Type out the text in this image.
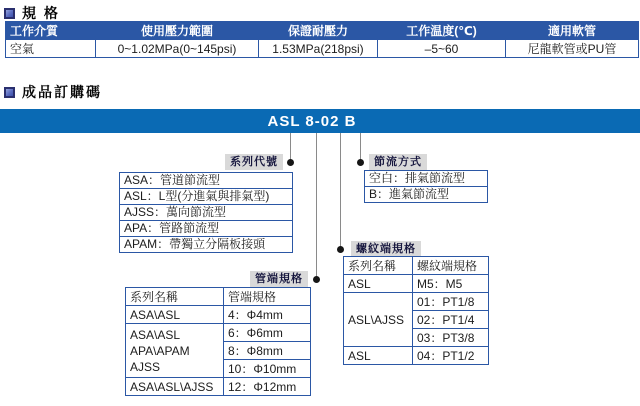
規 格
工作介質	使用壓力範圍	保證耐壓力	工作温度(℃)	適用軟管
空氣	0~1.02MPa(0~145psi)	1.53MPa(218psi)	–5~60	尼龍軟管或PU管
成品訂購碼
ASL 8-02 B
系列代號	節流方式
管端規格
螺紋端規格
ASA：管道節流型
ASL：L型(分進氣與排氣型)
AJSS：萬向節流型
APA：管路節流型
APAM：帶獨立分隔板接頭
空白：排氣節流型
B：進氣節流型
系列名稱	螺紋端規格
ASL	M5：M5
ASL\AJSS	01：PT1/8
	02：PT1/4
	03：PT3/8
ASL	04：PT1/2
系列名稱	管端規格
ASA\ASL	4：Φ4mm

ASA\ASL
APA\APAM
AJSS	6：Φ6mm
	8：Φ8mm
	10：Φ10mm
ASA\ASL\AJSS	12：Φ12mm
